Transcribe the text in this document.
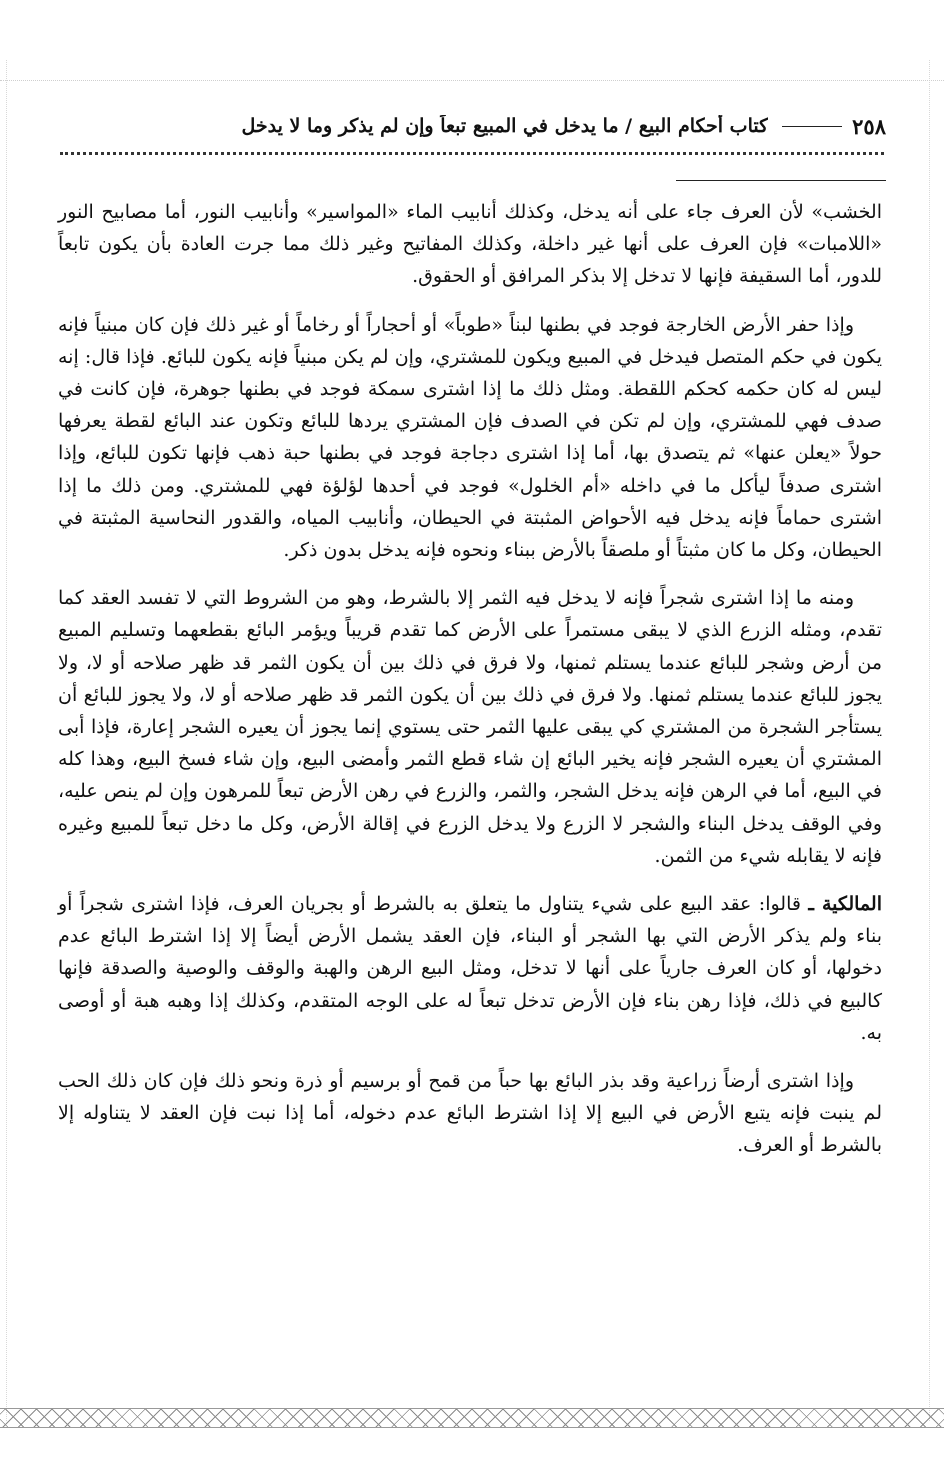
٢٥٨
كتاب أحكام البيع / ما يدخل في المبيع تبعاً وإن لم يذكر وما لا يدخل

الخشب» لأن العرف جاء على أنه يدخل، وكذلك أنابيب الماء «المواسير» وأنابيب النور، أما مصابيح النور «اللامبات» فإن العرف على أنها غير داخلة، وكذلك المفاتيح وغير ذلك مما جرت العادة بأن يكون تابعاً للدور، أما السقيفة فإنها لا تدخل إلا بذكر المرافق أو الحقوق.

وإذا حفر الأرض الخارجة فوجد في بطنها لبناً «طوباً» أو أحجاراً أو رخاماً أو غير ذلك فإن كان مبنياً فإنه يكون في حكم المتصل فيدخل في المبيع ويكون للمشتري، وإن لم يكن مبنياً فإنه يكون للبائع. فإذا قال: إنه ليس له كان حكمه كحكم اللقطة. ومثل ذلك ما إذا اشترى سمكة فوجد في بطنها جوهرة، فإن كانت في صدف فهي للمشتري، وإن لم تكن في الصدف فإن المشتري يردها للبائع وتكون عند البائع لقطة يعرفها حولاً «يعلن عنها» ثم يتصدق بها، أما إذا اشترى دجاجة فوجد في بطنها حبة ذهب فإنها تكون للبائع، وإذا اشترى صدفاً ليأكل ما في داخله «أم الخلول» فوجد في أحدها لؤلؤة فهي للمشتري. ومن ذلك ما إذا اشترى حماماً فإنه يدخل فيه الأحواض المثبتة في الحيطان، وأنابيب المياه، والقدور النحاسية المثبتة في الحيطان، وكل ما كان مثبتاً أو ملصقاً بالأرض ببناء ونحوه فإنه يدخل بدون ذكر.

ومنه ما إذا اشترى شجراً فإنه لا يدخل فيه الثمر إلا بالشرط، وهو من الشروط التي لا تفسد العقد كما تقدم، ومثله الزرع الذي لا يبقى مستمراً على الأرض كما تقدم قريباً ويؤمر البائع بقطعهما وتسليم المبيع من أرض وشجر للبائع عندما يستلم ثمنها، ولا فرق في ذلك بين أن يكون الثمر قد ظهر صلاحه أو لا، ولا يجوز للبائع عندما يستلم ثمنها. ولا فرق في ذلك بين أن يكون الثمر قد ظهر صلاحه أو لا، ولا يجوز للبائع أن يستأجر الشجرة من المشتري كي يبقى عليها الثمر حتى يستوي إنما يجوز أن يعيره الشجر إعارة، فإذا أبى المشتري أن يعيره الشجر فإنه يخير البائع إن شاء قطع الثمر وأمضى البيع، وإن شاء فسخ البيع، وهذا كله في البيع، أما في الرهن فإنه يدخل الشجر، والثمر، والزرع في رهن الأرض تبعاً للمرهون وإن لم ينص عليه، وفي الوقف يدخل البناء والشجر لا الزرع ولا يدخل الزرع في إقالة الأرض، وكل ما دخل تبعاً للمبيع وغيره فإنه لا يقابله شيء من الثمن.

المالكية ـ قالوا: عقد البيع على شيء يتناول ما يتعلق به بالشرط أو بجريان العرف، فإذا اشترى شجراً أو بناء ولم يذكر الأرض التي بها الشجر أو البناء، فإن العقد يشمل الأرض أيضاً إلا إذا اشترط البائع عدم دخولها، أو كان العرف جارياً على أنها لا تدخل، ومثل البيع الرهن والهبة والوقف والوصية والصدقة فإنها كالبيع في ذلك، فإذا رهن بناء فإن الأرض تدخل تبعاً له على الوجه المتقدم، وكذلك إذا وهبه هبة أو أوصى به.

وإذا اشترى أرضاً زراعية وقد بذر البائع بها حباً من قمح أو برسيم أو ذرة ونحو ذلك فإن كان ذلك الحب لم ينبت فإنه يتبع الأرض في البيع إلا إذا اشترط البائع عدم دخوله، أما إذا نبت فإن العقد لا يتناوله إلا بالشرط أو العرف.
